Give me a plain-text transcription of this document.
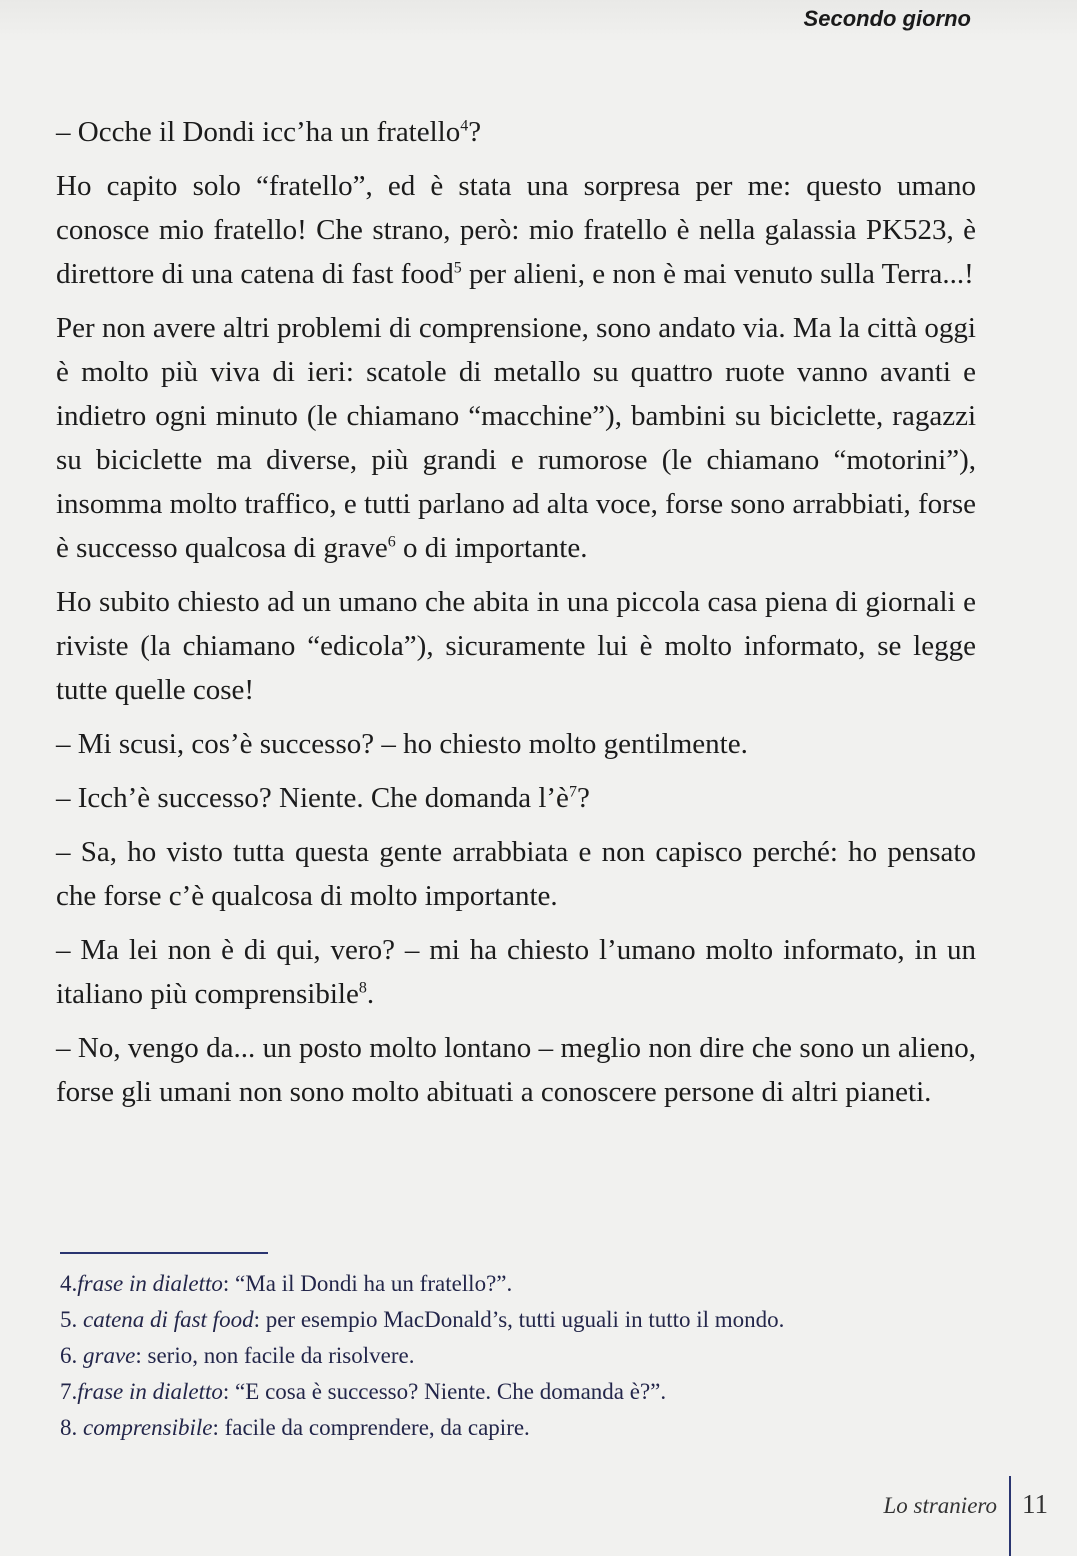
Secondo giorno

– Ocche il Dondi icc’ha un fratello$^4$?

Ho capito solo “fratello”, ed è stata una sorpresa per me: questo umano conosce mio fratello! Che strano, però: mio fratello è nella galassia PK523, è direttore di una catena di fast food$^5$ per alieni, e non è mai venuto sulla Terra...!

Per non avere altri problemi di comprensione, sono andato via. Ma la città oggi è molto più viva di ieri: scatole di metallo su quattro ruote vanno avanti e indietro ogni minuto (le chiamano “macchine”), bambini su biciclette, ragazzi su biciclette ma diverse, più grandi e rumorose (le chiamano “motorini”), insomma molto traffico, e tutti parlano ad alta voce, forse sono arrabbiati, forse è successo qualcosa di grave$^6$ o di importante.

Ho subito chiesto ad un umano che abita in una piccola casa piena di giornali e riviste (la chiamano “edicola”), sicuramente lui è molto informato, se legge tutte quelle cose!

– Mi scusi, cos’è successo? – ho chiesto molto gentilmente.

– Icch’è successo? Niente. Che domanda $l’è^7$?

– Sa, ho visto tutta questa gente arrabbiata e non capisco perché: ho pensato che forse c’è qualcosa di molto importante.

– Ma lei non è di qui, vero? – mi ha chiesto l’umano molto informato, in un italiano più comprensibile$^8$.

– No, vengo da... un posto molto lontano – meglio non dire che sono un alieno, forse gli umani non sono molto abituati a conoscere persone di altri pianeti.

4.frase in dialetto: “Ma il Dondi ha un fratello?”.
5. catena di fast food: per esempio MacDonald’s, tutti uguali in tutto il mondo.
6. grave: serio, non facile da risolvere.
7.frase in dialetto: “E cosa è successo? Niente. Che domanda è?”.
8. comprensibile: facile da comprendere, da capire.
Lo straniero 11
